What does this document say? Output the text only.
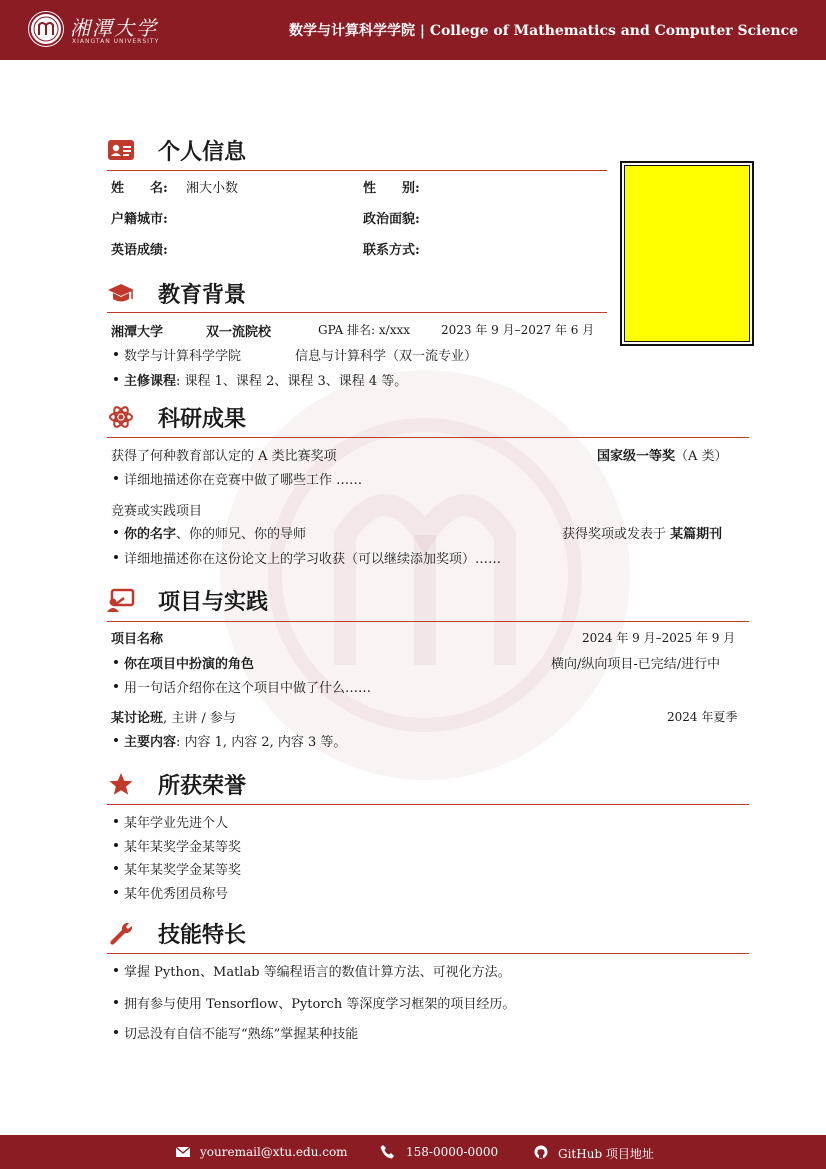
湘潭大学
XIANGTAN UNIVERSITY
数学与计算科学学院 | College of Mathematics and Computer Science
个人信息
姓　　名: 湘大小数	性　　别:
户籍城市:	政治面貌:
英语成绩:	联系方式:
教育背景
湘潭大学	双一流院校	GPA 排名: x/xxx	2023 年 9 月–2027 年 6 月
数学与计算科学学院	信息与计算科学（双一流专业）
主修课程: 课程 1、课程 2、课程 3、课程 4 等。
科研成果
获得了何种教育部认定的 A 类比赛奖项	国家级一等奖（A 类）
详细地描述你在竞赛中做了哪些工作 ……
竞赛或实践项目
你的名字、你的师兄、你的导师	获得奖项或发表于 某篇期刊
详细地描述你在这份论文上的学习收获（可以继续添加奖项）……
项目与实践
项目名称	2024 年 9 月–2025 年 9 月
你在项目中扮演的角色	横向/纵向项目-已完结/进行中
用一句话介绍你在这个项目中做了什么……
某讨论班, 主讲 / 参与	2024 年夏季
主要内容: 内容 1, 内容 2, 内容 3 等。
所获荣誉
某年学业先进个人
某年某奖学金某等奖
某年某奖学金某等奖
某年优秀团员称号
技能特长
掌握 Python、Matlab 等编程语言的数值计算方法、可视化方法。
拥有参与使用 Tensorflow、Pytorch 等深度学习框架的项目经历。
切忌没有自信不能写“熟练”掌握某种技能
youremail@xtu.edu.com	158-0000-0000	GitHub 项目地址
